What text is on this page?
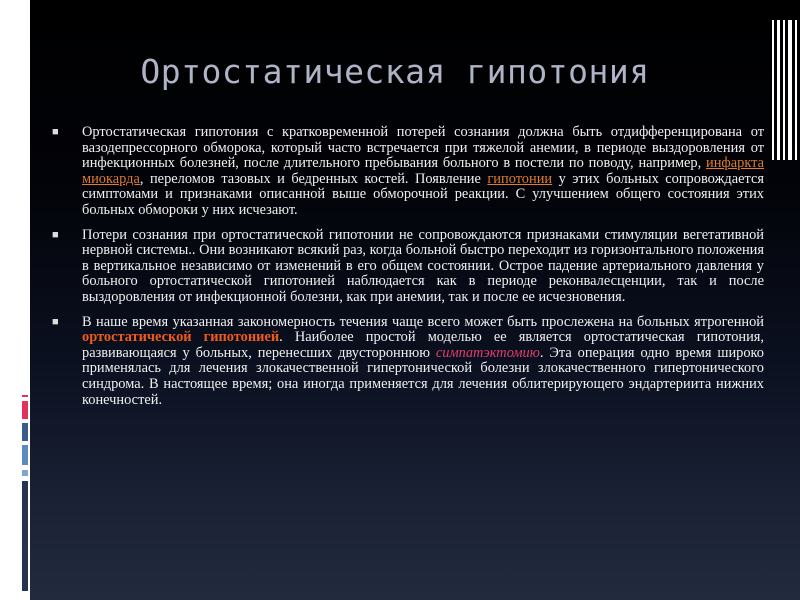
Ортостатическая гипотония
■ Ортостатическая гипотония с кратковременной потерей сознания должна быть отдифференцирована от вазодепрессорного обморока, который часто встречается при тяжелой анемии, в периоде выздоровления от инфекционных болезней, после длительного пребывания больного в постели по поводу, например, инфаркта миокарда, переломов тазовых и бедренных костей. Появление гипотонии у этих больных сопровождается симптомами и признаками описанной выше обморочной реакции. С улучшением общего состояния этих больных обмороки у них исчезают.
■ Потери сознания при ортостатической гипотонии не сопровождаются признаками стимуляции вегетативной нервной системы.. Они возникают всякий раз, когда больной быстро переходит из горизонтального положения в вертикальное независимо от изменений в его общем состоянии. Острое падение артериального давления у больного ортостатической гипотонией наблюдается как в периоде реконвалесценции, так и после выздоровления от инфекционной болезни, как при анемии, так и после ее исчезновения.
■ В наше время указанная закономерность течения чаще всего может быть прослежена на больных ятрогенной ортостатической гипотонией. Наиболее простой моделью ее является ортостатическая гипотония, развивающаяся у больных, перенесших двустороннюю симпатэктомию. Эта операция одно время широко применялась для лечения злокачественной гипертонической болезни злокачественного гипертонического синдрома. В настоящее время; она иногда применяется для лечения облитерирующего эндартериита нижних конечностей.
